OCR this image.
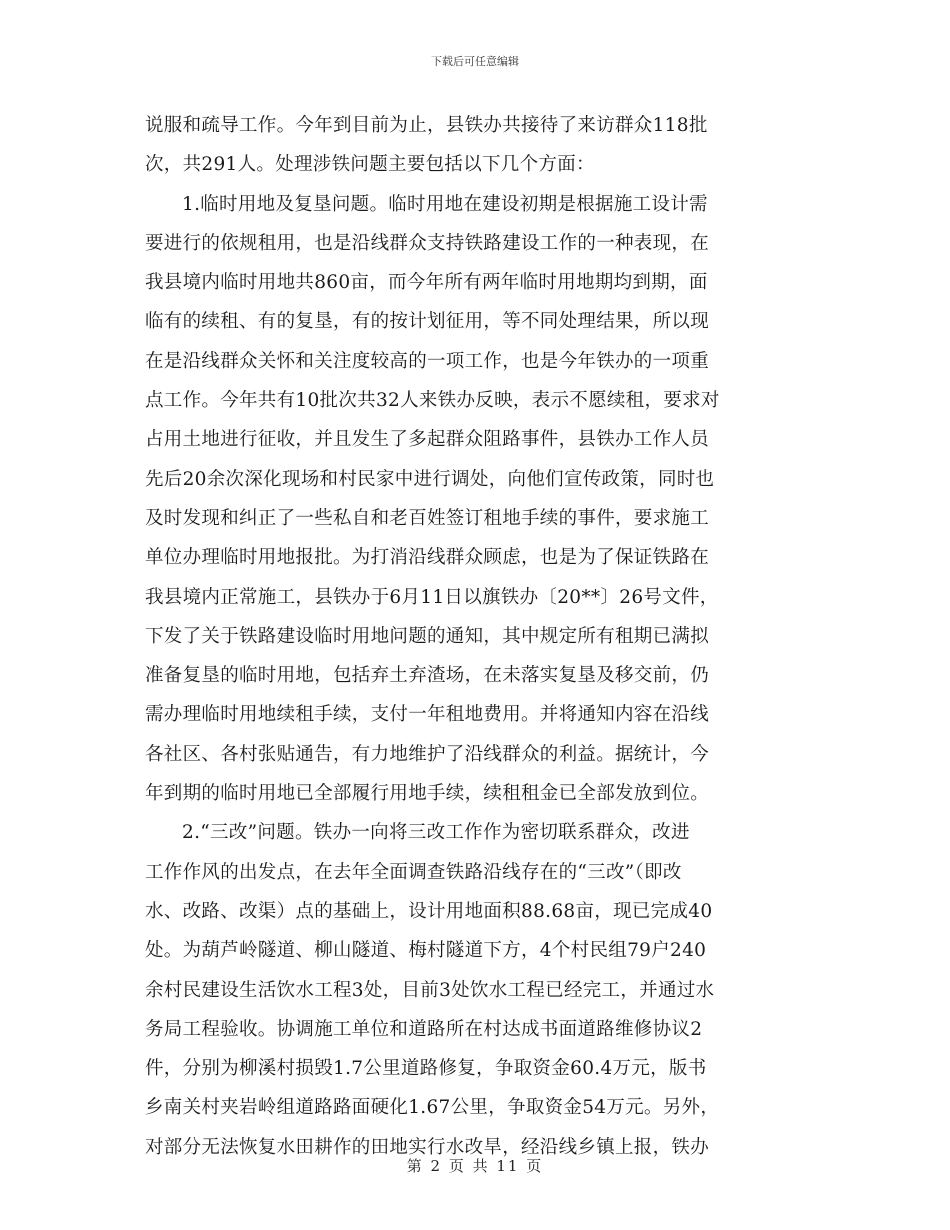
下载后可任意编辑
说服和疏导工作。今年到目前为止，县铁办共接待了来访群众118批
次，共291人。处理涉铁问题主要包括以下几个方面：
1.临时用地及复垦问题。临时用地在建设初期是根据施工设计需
要进行的依规租用，也是沿线群众支持铁路建设工作的一种表现，在
我县境内临时用地共860亩，而今年所有两年临时用地期均到期，面
临有的续租、有的复垦，有的按计划征用，等不同处理结果，所以现
在是沿线群众关怀和关注度较高的一项工作，也是今年铁办的一项重
点工作。今年共有10批次共32人来铁办反映，表示不愿续租，要求对
占用土地进行征收，并且发生了多起群众阻路事件，县铁办工作人员
先后20余次深化现场和村民家中进行调处，向他们宣传政策，同时也
及时发现和纠正了一些私自和老百姓签订租地手续的事件，要求施工
单位办理临时用地报批。为打消沿线群众顾虑，也是为了保证铁路在
我县境内正常施工，县铁办于6月11日以旗铁办〔20**〕26号文件，
下发了关于铁路建设临时用地问题的通知，其中规定所有租期已满拟
准备复垦的临时用地，包括弃土弃渣场，在未落实复垦及移交前，仍
需办理临时用地续租手续，支付一年租地费用。并将通知内容在沿线
各社区、各村张贴通告，有力地维护了沿线群众的利益。据统计，今
年到期的临时用地已全部履行用地手续，续租租金已全部发放到位。
2.“三改”问题。铁办一向将三改工作作为密切联系群众，改进
工作作风的出发点，在去年全面调查铁路沿线存在的“三改”（即改
水、改路、改渠）点的基础上，设计用地面积88.68亩，现已完成40
处。为葫芦岭隧道、柳山隧道、梅村隧道下方，4个村民组79户240
余村民建设生活饮水工程3处，目前3处饮水工程已经完工，并通过水
务局工程验收。协调施工单位和道路所在村达成书面道路维修协议2
件，分别为柳溪村损毁1.7公里道路修复，争取资金60.4万元，版书
乡南关村夹岩岭组道路路面硬化1.67公里，争取资金54万元。另外，
对部分无法恢复水田耕作的田地实行水改旱，经沿线乡镇上报，铁办
第 2 页 共 11 页
